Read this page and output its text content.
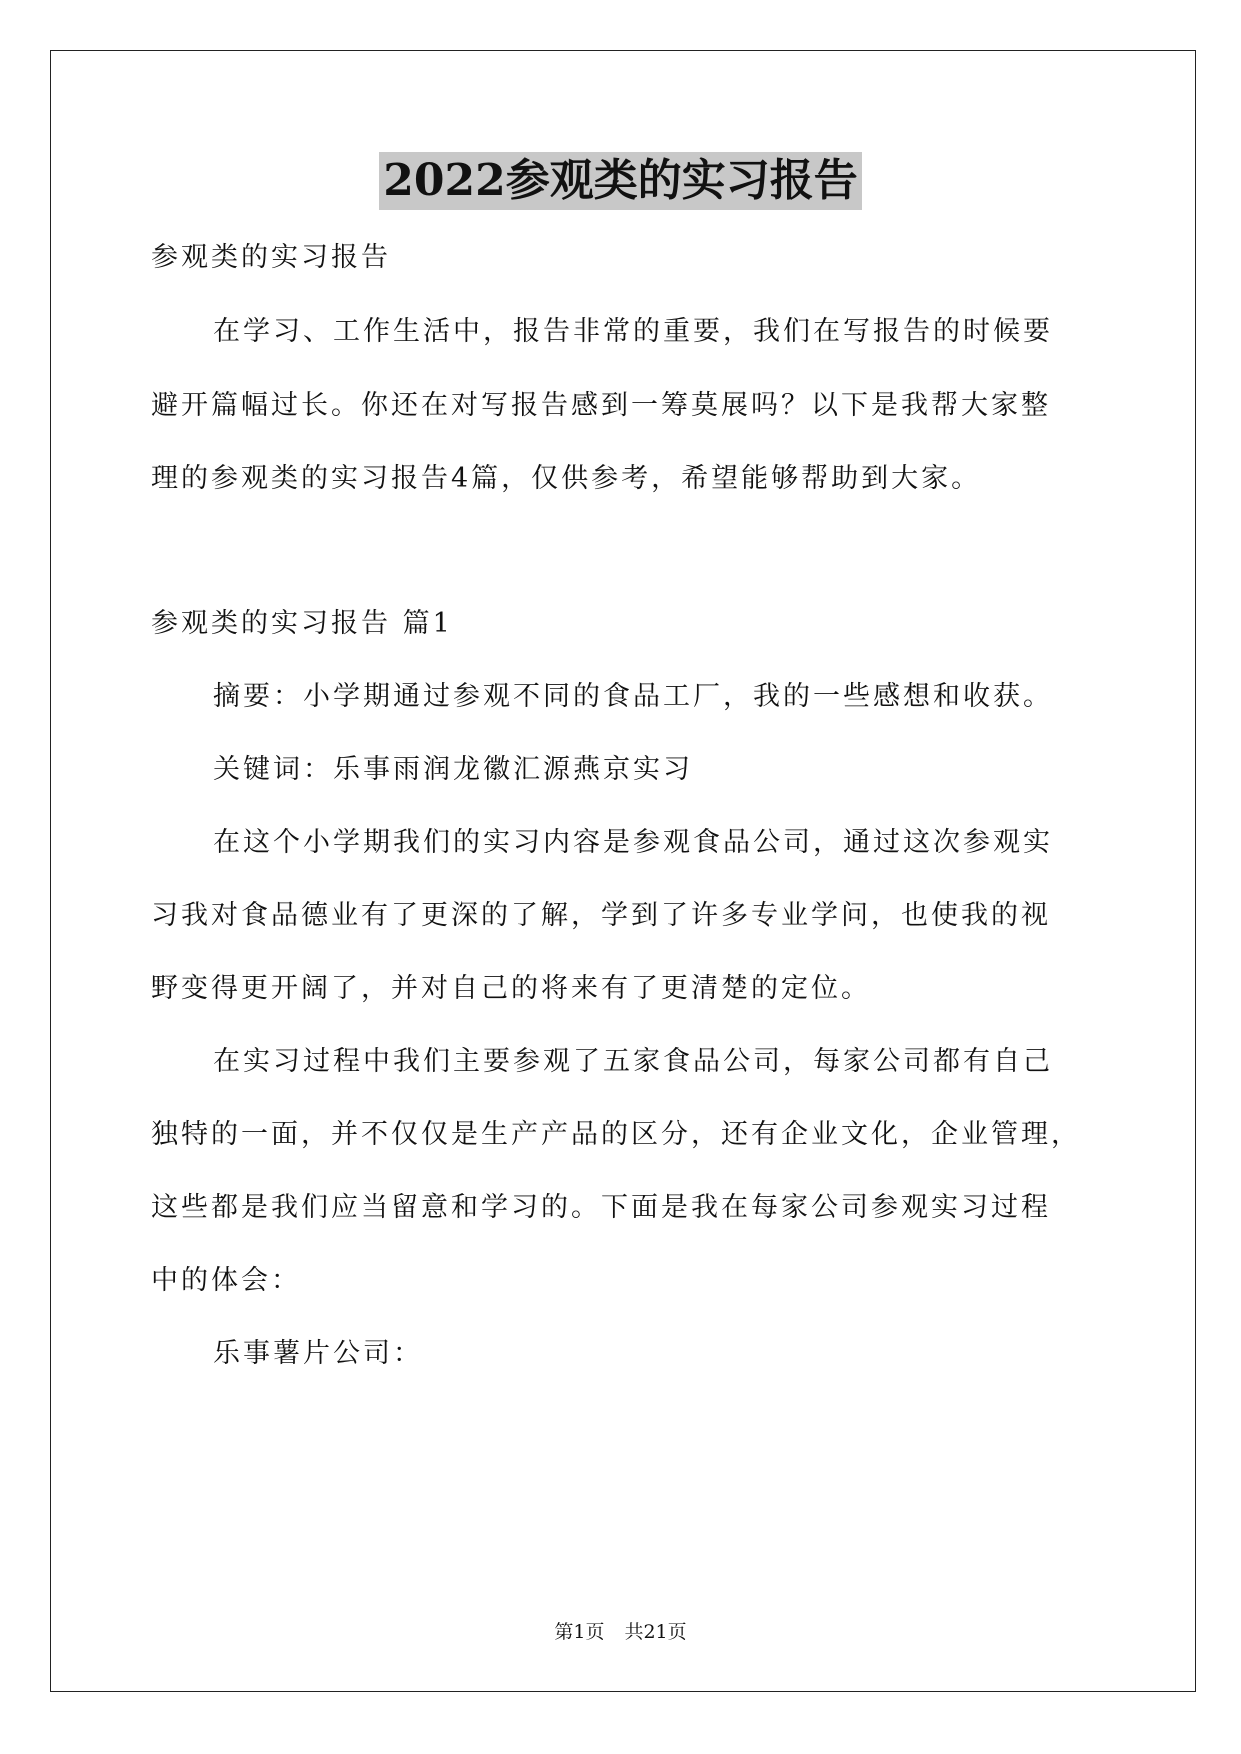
2022参观类的实习报告
参观类的实习报告
在学习、工作生活中，报告非常的重要，我们在写报告的时候要
避开篇幅过长。你还在对写报告感到一筹莫展吗？以下是我帮大家整
理的参观类的实习报告4篇，仅供参考，希望能够帮助到大家。
参观类的实习报告 篇1
摘要：小学期通过参观不同的食品工厂，我的一些感想和收获。
关键词：乐事雨润龙徽汇源燕京实习
在这个小学期我们的实习内容是参观食品公司，通过这次参观实
习我对食品德业有了更深的了解，学到了许多专业学问，也使我的视
野变得更开阔了，并对自己的将来有了更清楚的定位。
在实习过程中我们主要参观了五家食品公司，每家公司都有自己
独特的一面，并不仅仅是生产产品的区分，还有企业文化，企业管理，
这些都是我们应当留意和学习的。下面是我在每家公司参观实习过程
中的体会：
乐事薯片公司：
第1页 共21页
